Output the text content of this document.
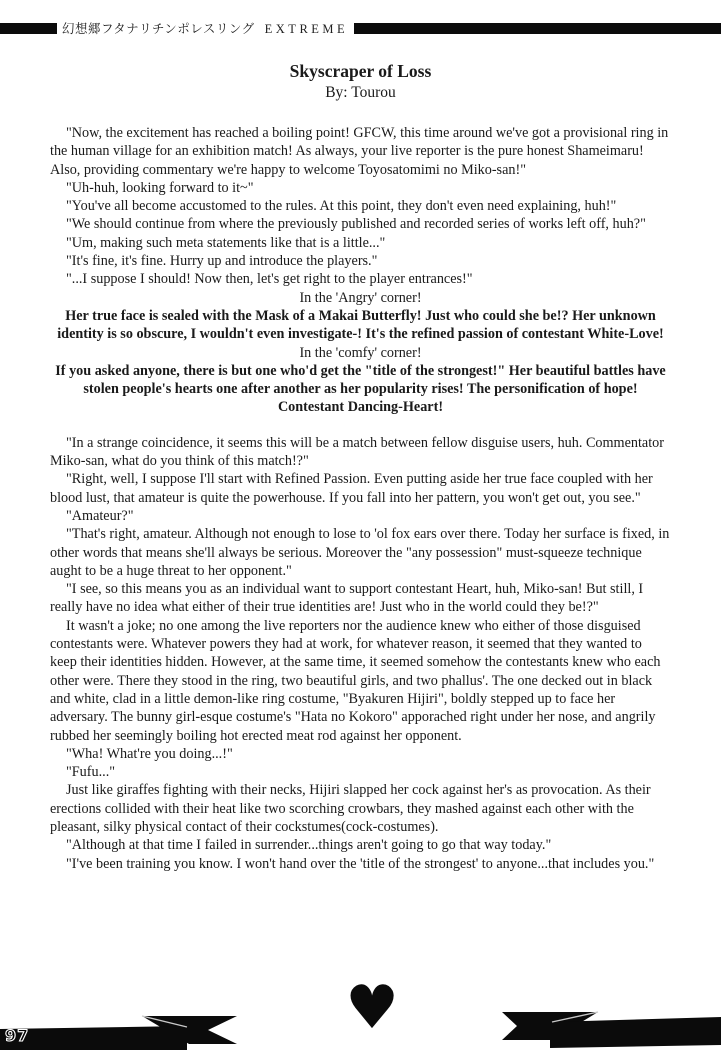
幻想郷フタナリチンポレスリング EXTREME
Skyscraper of Loss
By: Tourou

"Now, the excitement has reached a boiling point! GFCW, this time around we've got a provisional ring in the human village for an exhibition match! As always, your live reporter is the pure honest Shameimaru! Also, providing commentary we're happy to welcome Toyosatomimi no Miko-san!"

"Uh-huh, looking forward to it~"

"You've all become accustomed to the rules. At this point, they don't even need explaining, huh!"

"We should continue from where the previously published and recorded series of works left off, huh?"

"Um, making such meta statements like that is a little..."

"It's fine, it's fine. Hurry up and introduce the players."

"...I suppose I should! Now then, let's get right to the player entrances!"

In the 'Angry' corner!

Her true face is sealed with the Mask of a Makai Butterfly! Just who could she be!? Her unknown identity is so obscure, I wouldn't even investigate-! It's the refined passion of contestant White-Love!

In the 'comfy' corner!

If you asked anyone, there is but one who'd get the "title of the strongest!" Her beautiful battles have stolen people's hearts one after another as her popularity rises! The personification of hope! Contestant Dancing-Heart!

"In a strange coincidence, it seems this will be a match between fellow disguise users, huh. Commentator Miko-san, what do you think of this match!?"

"Right, well, I suppose I'll start with Refined Passion. Even putting aside her true face coupled with her blood lust, that amateur is quite the powerhouse. If you fall into her pattern, you won't get out, you see."

"Amateur?"

"That's right, amateur. Although not enough to lose to 'ol fox ears over there. Today her surface is fixed, in other words that means she'll always be serious. Moreover the "any possession" must-squeeze technique aught to be a huge threat to her opponent."

"I see, so this means you as an individual want to support contestant Heart, huh, Miko-san! But still, I really have no idea what either of their true identities are! Just who in the world could they be!?"

It wasn't a joke; no one among the live reporters nor the audience knew who either of those disguised contestants were. Whatever powers they had at work, for whatever reason, it seemed that they wanted to keep their identities hidden. However, at the same time, it seemed somehow the contestants knew who each other were. There they stood in the ring, two beautiful girls, and two phallus'. The one decked out in black and white, clad in a little demon-like ring costume, "Byakuren Hijiri", boldly stepped up to face her adversary. The bunny girl-esque costume's "Hata no Kokoro" apporached right under her nose, and angrily rubbed her seemingly boiling hot erected meat rod against her opponent.

"Wha! What're you doing...!"

"Fufu..."

Just like giraffes fighting with their necks, Hijiri slapped her cock against her's as provocation. As their erections collided with their heat like two scorching crowbars, they mashed against each other with the pleasant, silky physical contact of their cockstumes(cock-costumes).

"Although at that time I failed in surrender...things aren't going to go that way today."

"I've been training you know. I won't hand over the 'title of the strongest' to anyone...that includes you."

♥
97
